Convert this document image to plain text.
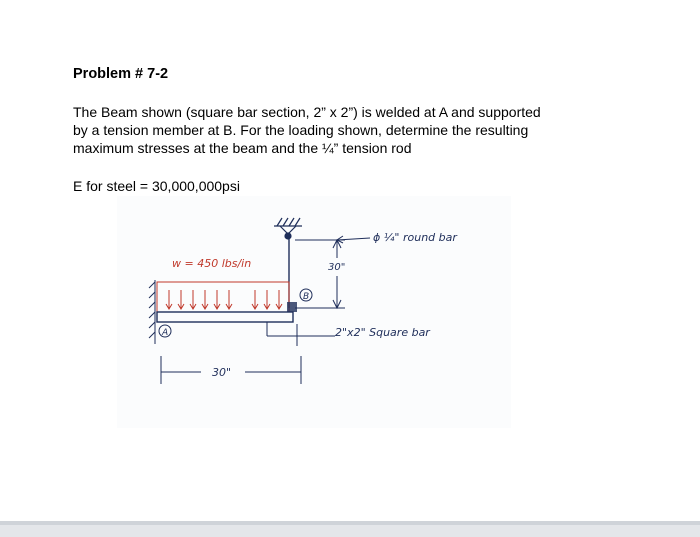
Problem # 7-2
The Beam shown (square bar section, 2” x 2”) is welded at A and supported
by a tension member at B. For the loading shown, determine the resulting
maximum stresses at the beam and the ¼” tension rod
E for steel = 30,000,000psi
30"
ϕ ¼" round bar
w = 450 lbs/in
A
B
2"x2" Square bar
30"
